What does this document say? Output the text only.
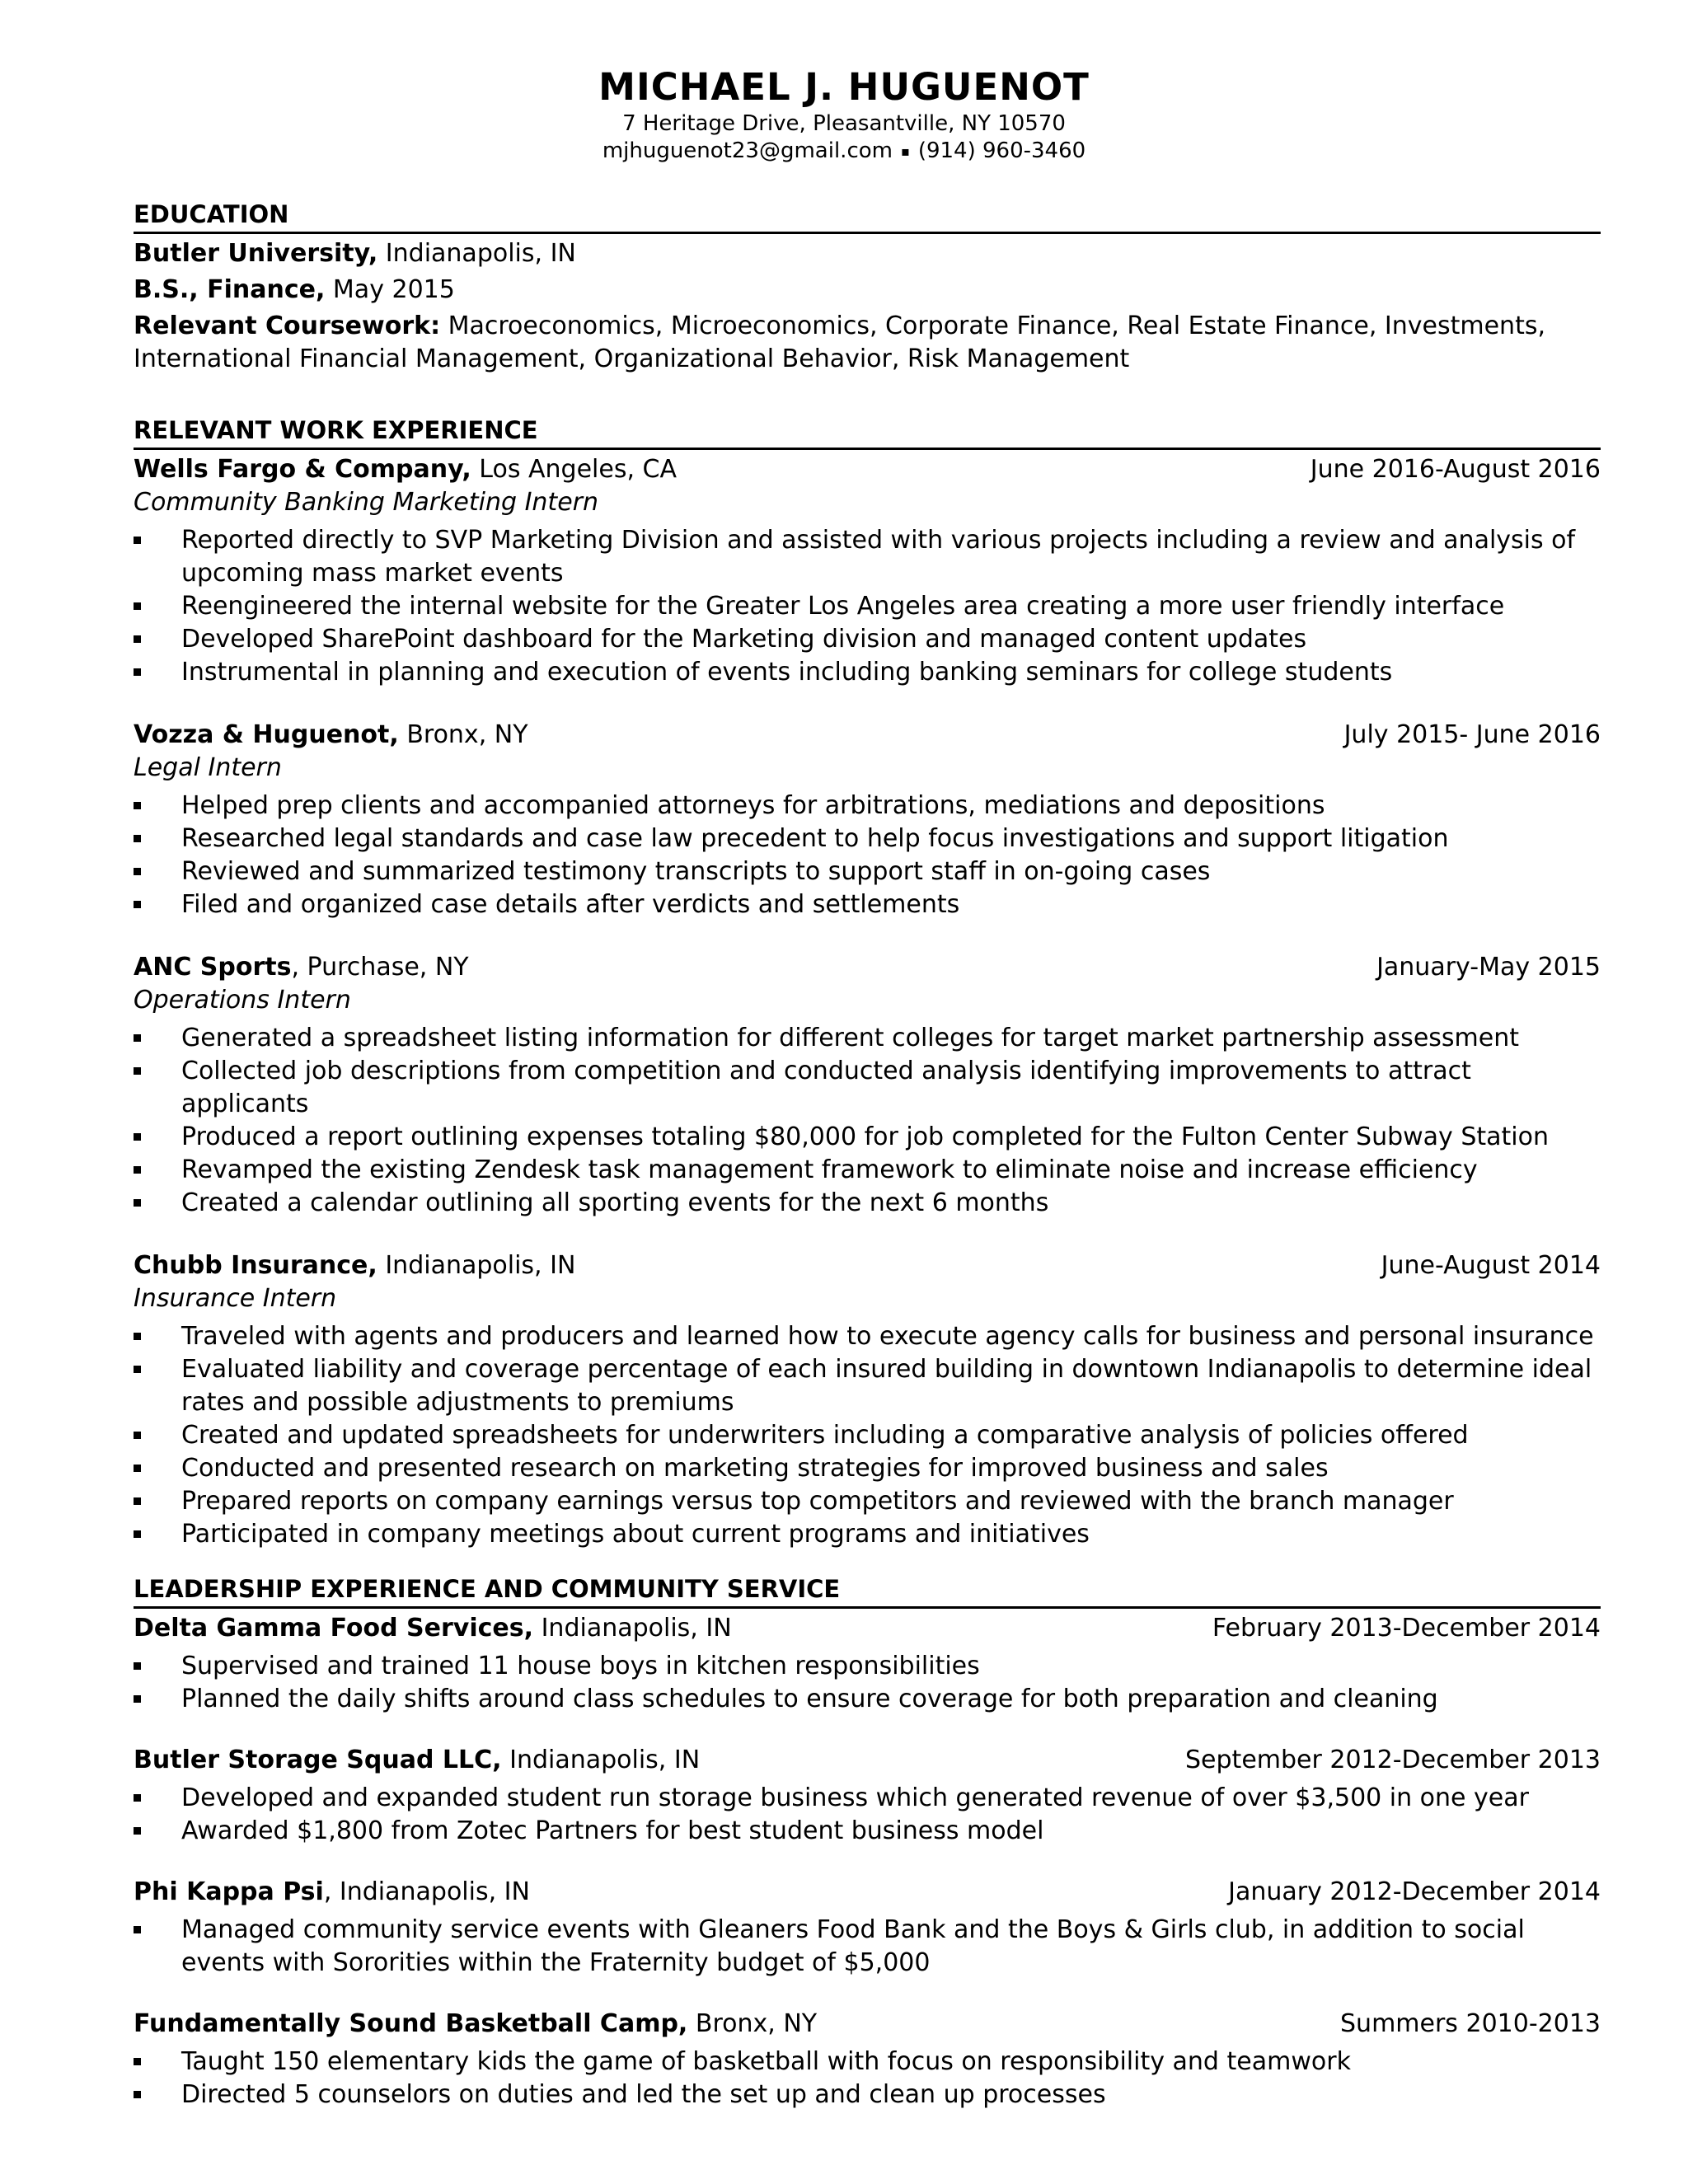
MICHAEL J. HUGUENOT
7 Heritage Drive, Pleasantville, NY 10570
mjhuguenot23@gmail.com ▪ (914) 960-3460
EDUCATION
Butler University, Indianapolis, IN
B.S., Finance, May 2015
Relevant Coursework: Macroeconomics, Microeconomics, Corporate Finance, Real Estate Finance, Investments,
International Financial Management, Organizational Behavior, Risk Management
RELEVANT WORK EXPERIENCE
Wells Fargo & Company, Los Angeles, CA	June 2016-August 2016
Community Banking Marketing Intern
Reported directly to SVP Marketing Division and assisted with various projects including a review and analysis of upcoming mass market events
Reengineered the internal website for the Greater Los Angeles area creating a more user friendly interface
Developed SharePoint dashboard for the Marketing division and managed content updates
Instrumental in planning and execution of events including banking seminars for college students
Vozza & Huguenot, Bronx, NY	July 2015- June 2016
Legal Intern
Helped prep clients and accompanied attorneys for arbitrations, mediations and depositions
Researched legal standards and case law precedent to help focus investigations and support litigation
Reviewed and summarized testimony transcripts to support staff in on-going cases
Filed and organized case details after verdicts and settlements
ANC Sports, Purchase, NY	January-May 2015
Operations Intern
Generated a spreadsheet listing information for different colleges for target market partnership assessment
Collected job descriptions from competition and conducted analysis identifying improvements to attract applicants
Produced a report outlining expenses totaling $80,000 for job completed for the Fulton Center Subway Station
Revamped the existing Zendesk task management framework to eliminate noise and increase efficiency
Created a calendar outlining all sporting events for the next 6 months
Chubb Insurance, Indianapolis, IN	June-August 2014
Insurance Intern
Traveled with agents and producers and learned how to execute agency calls for business and personal insurance
Evaluated liability and coverage percentage of each insured building in downtown Indianapolis to determine ideal rates and possible adjustments to premiums
Created and updated spreadsheets for underwriters including a comparative analysis of policies offered
Conducted and presented research on marketing strategies for improved business and sales
Prepared reports on company earnings versus top competitors and reviewed with the branch manager
Participated in company meetings about current programs and initiatives
LEADERSHIP EXPERIENCE AND COMMUNITY SERVICE
Delta Gamma Food Services, Indianapolis, IN	February 2013-December 2014
Supervised and trained 11 house boys in kitchen responsibilities
Planned the daily shifts around class schedules to ensure coverage for both preparation and cleaning
Butler Storage Squad LLC, Indianapolis, IN	September 2012-December 2013
Developed and expanded student run storage business which generated revenue of over $3,500 in one year
Awarded $1,800 from Zotec Partners for best student business model
Phi Kappa Psi, Indianapolis, IN	January 2012-December 2014
Managed community service events with Gleaners Food Bank and the Boys & Girls club, in addition to social events with Sororities within the Fraternity budget of $5,000
Fundamentally Sound Basketball Camp, Bronx, NY	Summers 2010-2013
Taught 150 elementary kids the game of basketball with focus on responsibility and teamwork
Directed 5 counselors on duties and led the set up and clean up processes
